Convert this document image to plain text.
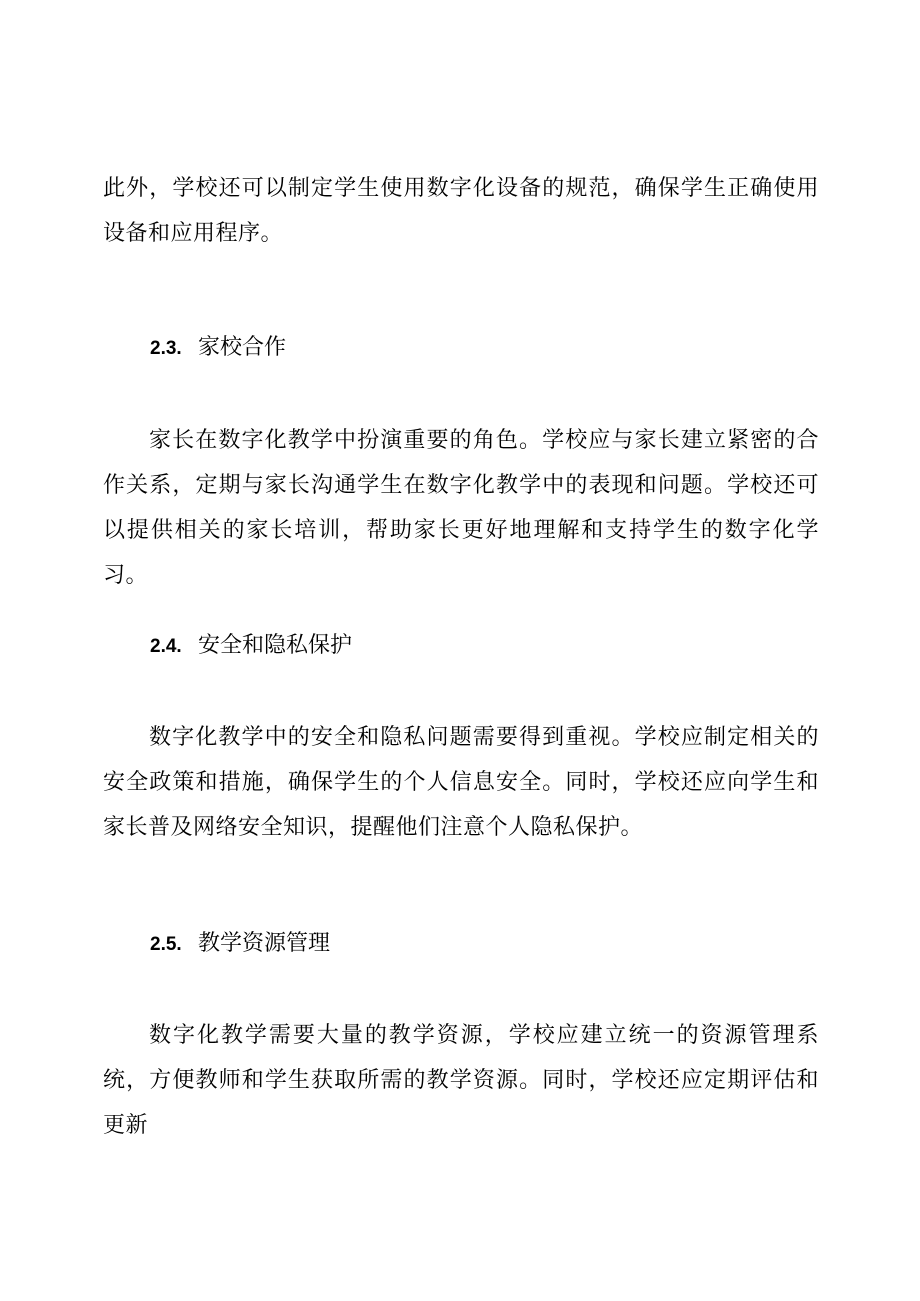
此外，学校还可以制定学生使用数字化设备的规范，确保学生正确使用设备和应用程序。

2.3. 家校合作

家长在数字化教学中扮演重要的角色。学校应与家长建立紧密的合作关系，定期与家长沟通学生在数字化教学中的表现和问题。学校还可以提供相关的家长培训，帮助家长更好地理解和支持学生的数字化学习。

2.4. 安全和隐私保护

数字化教学中的安全和隐私问题需要得到重视。学校应制定相关的安全政策和措施，确保学生的个人信息安全。同时，学校还应向学生和家长普及网络安全知识，提醒他们注意个人隐私保护。

2.5. 教学资源管理

数字化教学需要大量的教学资源，学校应建立统一的资源管理系统，方便教师和学生获取所需的教学资源。同时，学校还应定期评估和更新
